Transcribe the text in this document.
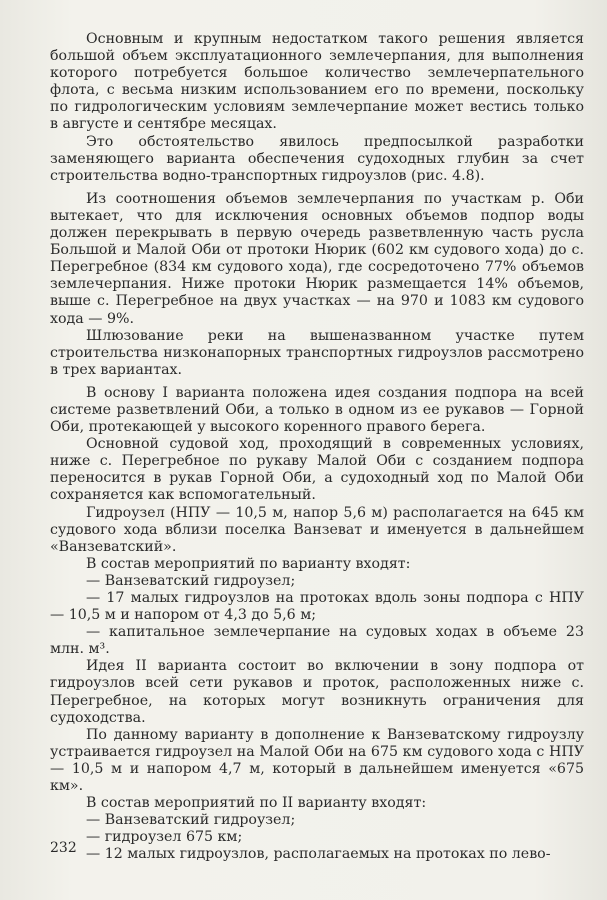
Основным и крупным недостатком такого решения является большой объем эксплуатационного землечерпания, для выполнения которого потребуется большое количество землечерпательного флота, с весьма низким использованием его по времени, поскольку по гидрологическим условиям землечерпание может вестись только в августе и сентябре месяцах.

Это обстоятельство явилось предпосылкой разработки заменяющего варианта обеспечения судоходных глубин за счет строительства водно-транспортных гидроузлов (рис. 4.8).

Из соотношения объемов землечерпания по участкам р. Оби вытекает, что для исключения основных объемов подпор воды должен перекрывать в первую очередь разветвленную часть русла Большой и Малой Оби от протоки Нюрик (602 км судового хода) до с. Перегребное (834 км судового хода), где сосредоточено 77% объемов землечерпания. Ниже протоки Нюрик размещается 14% объемов, выше с. Перегребное на двух участках — на 970 и 1083 км судового хода — 9%.

Шлюзование реки на вышеназванном участке путем строительства низконапорных транспортных гидроузлов рассмотрено в трех вариантах.

В основу I варианта положена идея создания подпора на всей системе разветвлений Оби, а только в одном из ее рукавов — Горной Оби, протекающей у высокого коренного правого берега.

Основной судовой ход, проходящий в современных условиях, ниже с. Перегребное по рукаву Малой Оби с созданием подпора переносится в рукав Горной Оби, а судоходный ход по Малой Оби сохраняется как вспомогательный.

Гидроузел (НПУ — 10,5 м, напор 5,6 м) располагается на 645 км судового хода вблизи поселка Ванзеват и именуется в дальнейшем «Ванзеватский».

В состав мероприятий по варианту входят:

— Ванзеватский гидроузел;

— 17 малых гидроузлов на протоках вдоль зоны подпора с НПУ — 10,5 м и напором от 4,3 до 5,6 м;

— капитальное землечерпание на судовых ходах в объеме 23 млн. м³.

Идея II варианта состоит во включении в зону подпора от гидроузлов всей сети рукавов и проток, расположенных ниже с. Перегребное, на которых могут возникнуть ограничения для судоходства.

По данному варианту в дополнение к Ванзеватскому гидроузлу устраивается гидроузел на Малой Оби на 675 км судового хода с НПУ — 10,5 м и напором 4,7 м, который в дальнейшем именуется «675 км».

В состав мероприятий по II варианту входят:

— Ванзеватский гидроузел;

— гидроузел 675 км;

— 12 малых гидроузлов, располагаемых на протоках по лево-

232
